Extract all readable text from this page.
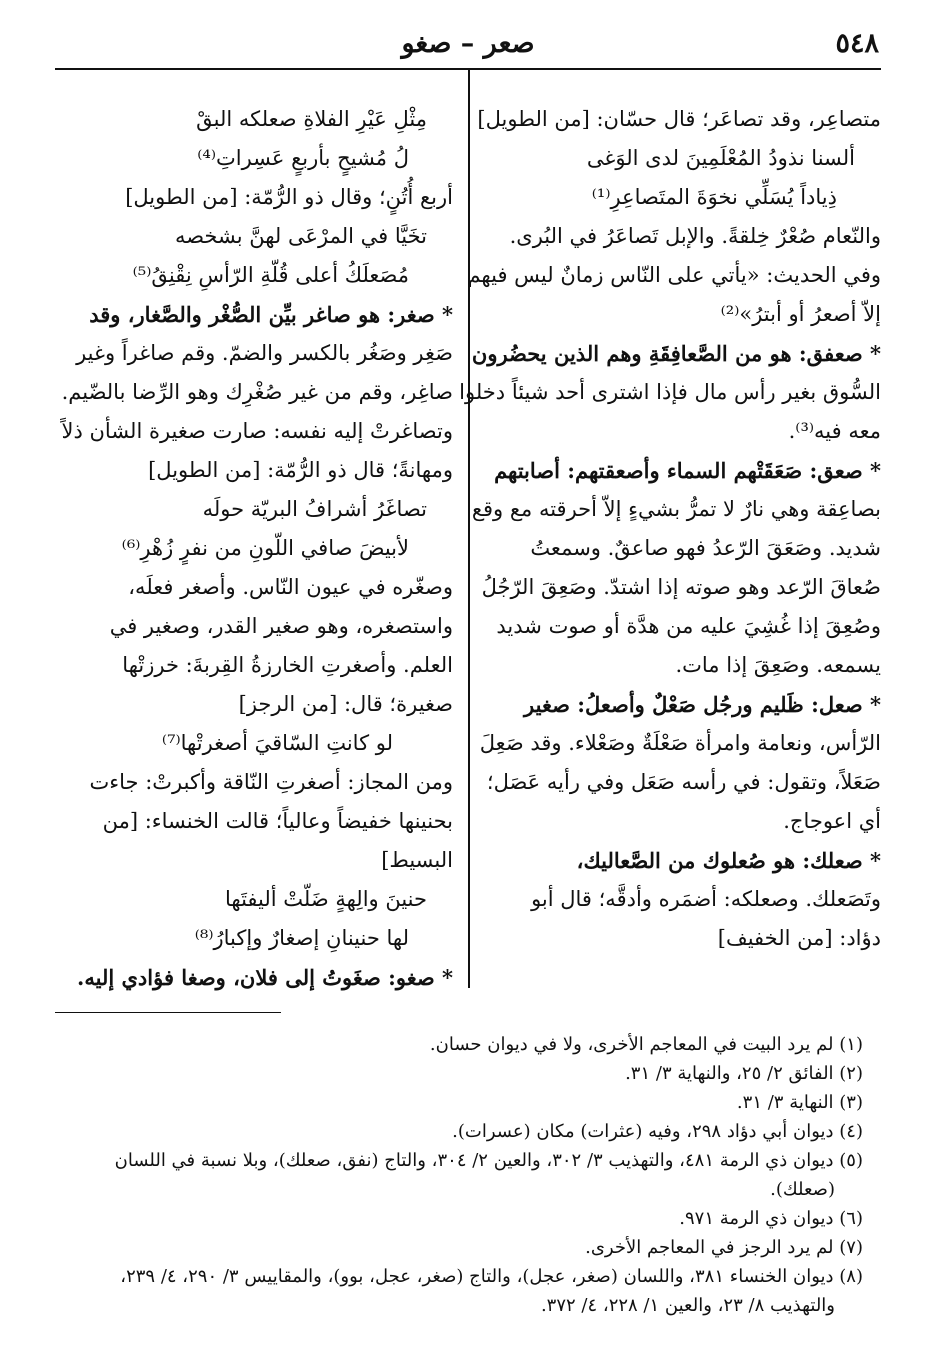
٥٤٨
صعر – صغو
متصاعِر، وقد تصاعَر؛ قال حسّان: [من الطويل]
ألسنا نذودُ المُعْلَمِينَ لدى الوَغى
ذِياداً يُسَلِّي نخوَةَ المتَصاعِرِ⁽¹⁾
والنّعام صُعْرٌ خِلقةً. والإبل تَصاعَرُ في البُرى.
وفي الحديث: «يأتي على النّاس زمانٌ ليس فيهم
إلاّ أصعرُ أو أبترُ»⁽²⁾
* صعفق: هو من الصَّعافِقَةِ وهم الذين يحضُرون
السُّوق بغير رأس مال فإذا اشترى أحد شيئاً دخلوا
معه فيه⁽³⁾.
* صعق: صَعَقَتْهم السماء وأصعقتهم: أصابتهم
بصاعِقة وهي نارٌ لا تمرُّ بشيءٍ إلاّ أحرقته مع وقع
شديد. وصَعَقَ الرّعدُ فهو صاعقٌ. وسمعتُ
صُعاقَ الرّعد وهو صوته إذا اشتدّ. وصَعِقَ الرّجُلُ
وصُعِقَ إذا غُشِيَ عليه من هدَّة أو صوت شديد
يسمعه. وصَعِقَ إذا مات.
* صعل: ظَليم ورجُل صَعْلٌ وأصعلُ: صغير
الرّأس، ونعامة وامرأة صَعْلَةٌ وصَعْلاء. وقد صَعِلَ
صَعَلاً، وتقول: في رأسه صَعَل وفي رأيه عَصَل؛
أي اعوجاج.
* صعلك: هو صُعلوك من الصَّعاليك،
وتَصَعلك. وصعلكه: أضمَره وأدقَّه؛ قال أبو
دؤاد: [من الخفيف]
مِثْلِ عَيْرِ الفلاةِ صعلكه البقْ
لُ مُشيحٍ بأربعٍ عَسِراتِ⁽⁴⁾
أربع أُتُنٍ؛ وقال ذو الرُّمّة: [من الطويل]
تخَيَّا في المرْعَى لهنَّ بشخصه
مُصَعلَكُ أعلى قُلّةِ الرّأسِ نِقْنِقُ⁽⁵⁾
* صغر: هو صاغر بيِّن الصُّغْر والصَّغار، وقد
صَغِر وصَغُر بالكسر والضمّ. وقم صاغراً وغير
صاغِر، وقم من غير صُغْرِك وهو الرِّضا بالضّيم.
وتصاغرتْ إليه نفسه: صارت صغيرة الشأن ذلاً
ومهانةً؛ قال ذو الرُّمّة: [من الطويل]
تصاغَرُ أشرافُ البريّة حولَه
لأبيضَ صافي اللّونِ من نفرٍ زُهْرِ⁽⁶⁾
وصغّره في عيون النّاس. وأصغر فعلَه،
واستصغره، وهو صغير القدر، وصغير في
العلم. وأصغرتِ الخارزةُ القِربةَ: خرزتْها
صغيرة؛ قال: [من الرجز]
لو كانتِ السّاقيَ أصغرتْها⁽⁷⁾
ومن المجاز: أصغرتِ النّاقة وأكبرتْ: جاءت
بحنينها خفيضاً وعالياً؛ قالت الخنساء: [من
البسيط]
حنينَ والِهةٍ ضَلّتْ أليفتَها
لها حنينانِ إصغارٌ وإكبارُ⁽⁸⁾
* صغو: صغَوتُ إلى فلان، وصغا فؤادي إليه.
(١) لم يرد البيت في المعاجم الأخرى، ولا في ديوان حسان.
(٢) الفائق ٢/ ٢٥، والنهاية ٣/ ٣١.
(٣) النهاية ٣/ ٣١.
(٤) ديوان أبي دؤاد ٢٩٨، وفيه (عثرات) مكان (عسرات).
(٥) ديوان ذي الرمة ٤٨١، والتهذيب ٣/ ٣٠٢، والعين ٢/ ٣٠٤، والتاج (نفق، صعلك)، وبلا نسبة في اللسان
(صعلك).
(٦) ديوان ذي الرمة ٩٧١.
(٧) لم يرد الرجز في المعاجم الأخرى.
(٨) ديوان الخنساء ٣٨١، واللسان (صغر، عجل)، والتاج (صغر، عجل، بوو)، والمقاييس ٣/ ٢٩٠، ٤/ ٢٣٩،
والتهذيب ٨/ ٢٣، والعين ١/ ٢٢٨، ٤/ ٣٧٢.
